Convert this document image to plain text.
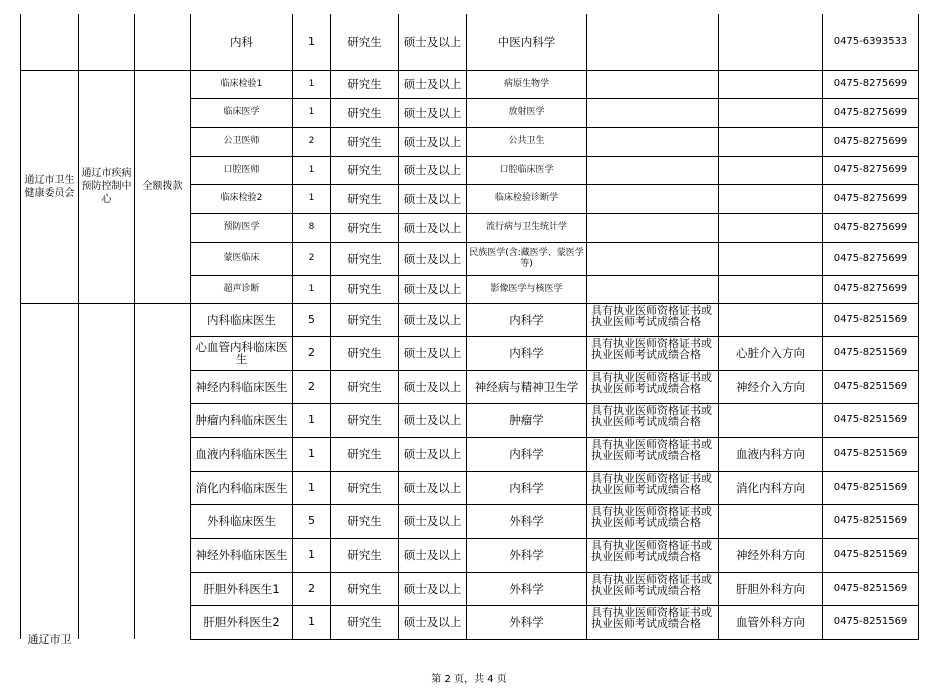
			内科	1	研究生	硕士及以上	中医内科学			0475-6393533
通辽市卫生健康委员会	通辽市疾病预防控制中心	全额拨款	临床检验1	1	研究生	硕士及以上	病原生物学			0475-8275699
			临床医学	1	研究生	硕士及以上	放射医学			0475-8275699
			公卫医师	2	研究生	硕士及以上	公共卫生			0475-8275699
			口腔医师	1	研究生	硕士及以上	口腔临床医学			0475-8275699
			临床检验2	1	研究生	硕士及以上	临床检验诊断学			0475-8275699
			预防医学	8	研究生	硕士及以上	流行病与卫生统计学			0475-8275699
			蒙医临床	2	研究生	硕士及以上	民族医学(含:藏医学、蒙医学等)			0475-8275699
			超声诊断	1	研究生	硕士及以上	影像医学与核医学			0475-8275699

通辽市卫			内科临床医生	5	研究生	硕士及以上	内科学	具有执业医师资格证书或执业医师考试成绩合格		0475-8251569
			心血管内科临床医生	2	研究生	硕士及以上	内科学	具有执业医师资格证书或执业医师考试成绩合格	心脏介入方向	0475-8251569
			神经内科临床医生	2	研究生	硕士及以上	神经病与精神卫生学	具有执业医师资格证书或执业医师考试成绩合格	神经介入方向	0475-8251569
			肿瘤内科临床医生	1	研究生	硕士及以上	肿瘤学	具有执业医师资格证书或执业医师考试成绩合格		0475-8251569
			血液内科临床医生	1	研究生	硕士及以上	内科学	具有执业医师资格证书或执业医师考试成绩合格	血液内科方向	0475-8251569
			消化内科临床医生	1	研究生	硕士及以上	内科学	具有执业医师资格证书或执业医师考试成绩合格	消化内科方向	0475-8251569
			外科临床医生	5	研究生	硕士及以上	外科学	具有执业医师资格证书或执业医师考试成绩合格		0475-8251569
			神经外科临床医生	1	研究生	硕士及以上	外科学	具有执业医师资格证书或执业医师考试成绩合格	神经外科方向	0475-8251569
			肝胆外科医生1	2	研究生	硕士及以上	外科学	具有执业医师资格证书或执业医师考试成绩合格	肝胆外科方向	0475-8251569
			肝胆外科医生2	1	研究生	硕士及以上	外科学	具有执业医师资格证书或执业医师考试成绩合格	血管外科方向	0475-8251569
第 2 页，共 4 页
